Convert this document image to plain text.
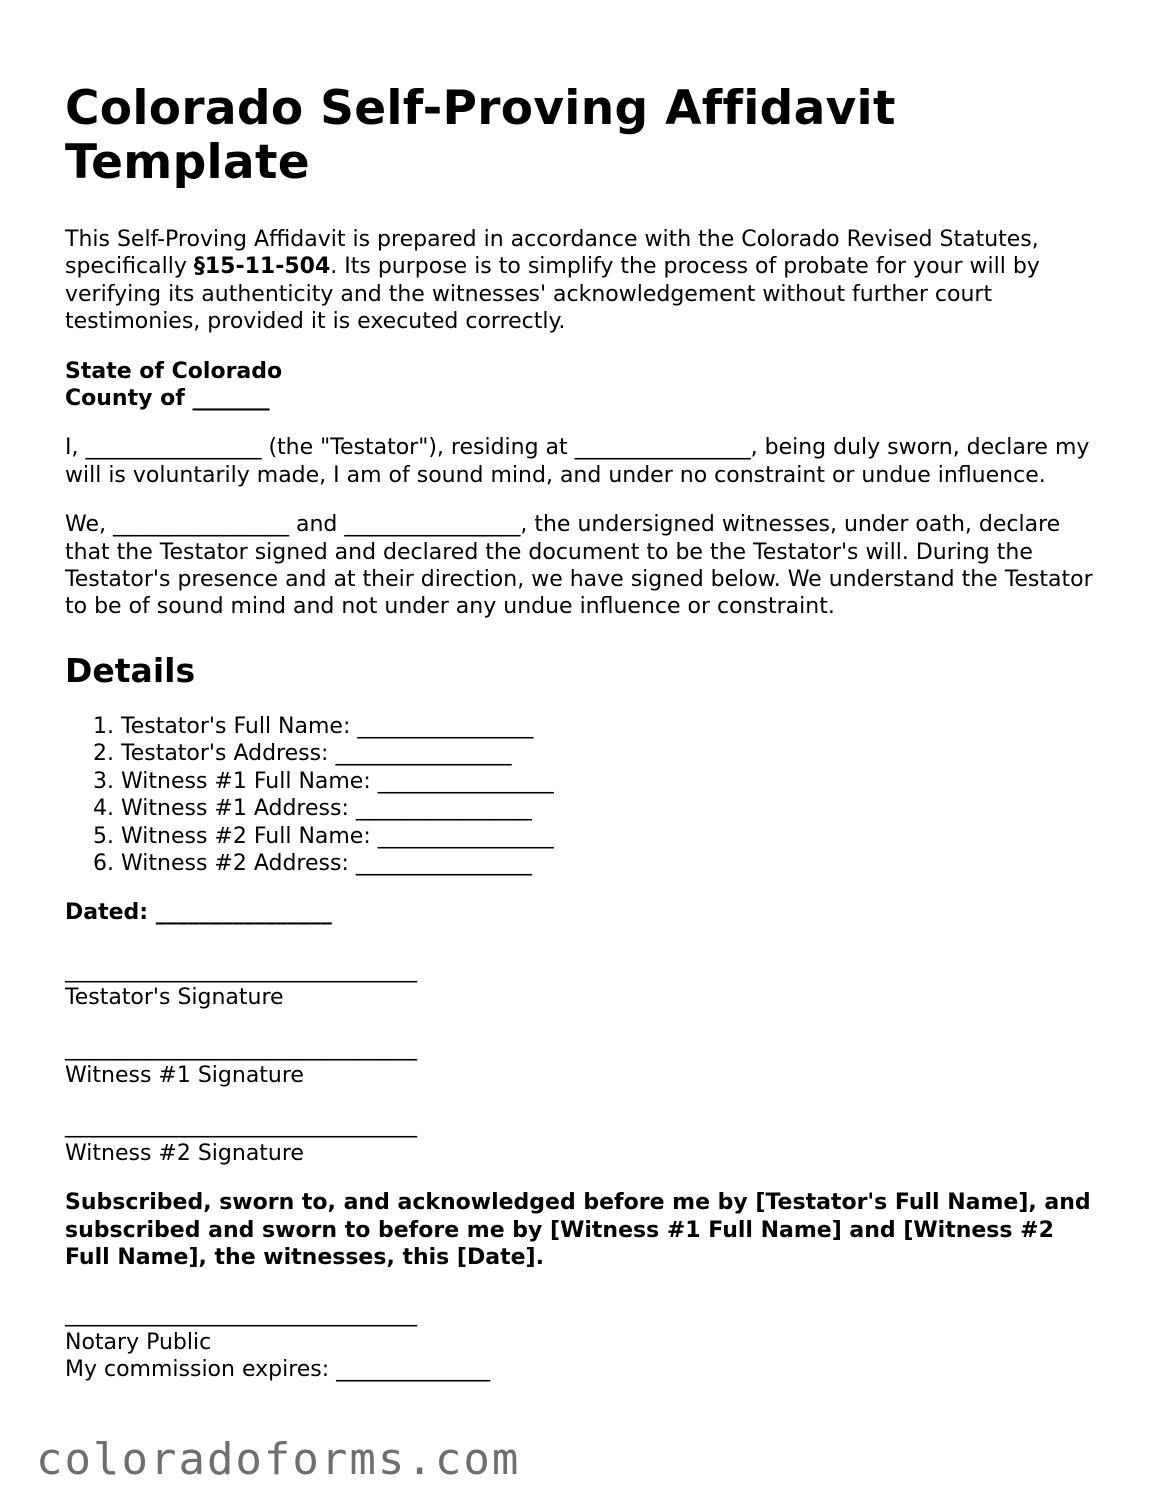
Colorado Self-Proving Affidavit Template

This Self-Proving Affidavit is prepared in accordance with the Colorado Revised Statutes, specifically §15-11-504. Its purpose is to simplify the process of probate for your will by verifying its authenticity and the witnesses' acknowledgement without further court testimonies, provided it is executed correctly.

State of Colorado
County of _______

I, ________________ (the "Testator"), residing at ________________, being duly sworn, declare my will is voluntarily made, I am of sound mind, and under no constraint or undue influence.

We, ________________ and ________________, the undersigned witnesses, under oath, declare that the Testator signed and declared the document to be the Testator's will. During the Testator's presence and at their direction, we have signed below. We understand the Testator to be of sound mind and not under any undue influence or constraint.

Details
1. Testator's Full Name: ________________
2. Testator's Address: ________________
3. Witness #1 Full Name: ________________
4. Witness #1 Address: ________________
5. Witness #2 Full Name: ________________
6. Witness #2 Address: ________________

Dated: ________________

________________________________
Testator's Signature
________________________________
Witness #1 Signature
________________________________
Witness #2 Signature

Subscribed, sworn to, and acknowledged before me by [Testator's Full Name], and subscribed and sworn to before me by [Witness #1 Full Name] and [Witness #2 Full Name], the witnesses, this [Date].

________________________________
Notary Public
My commission expires: ______________
coloradoforms.com
